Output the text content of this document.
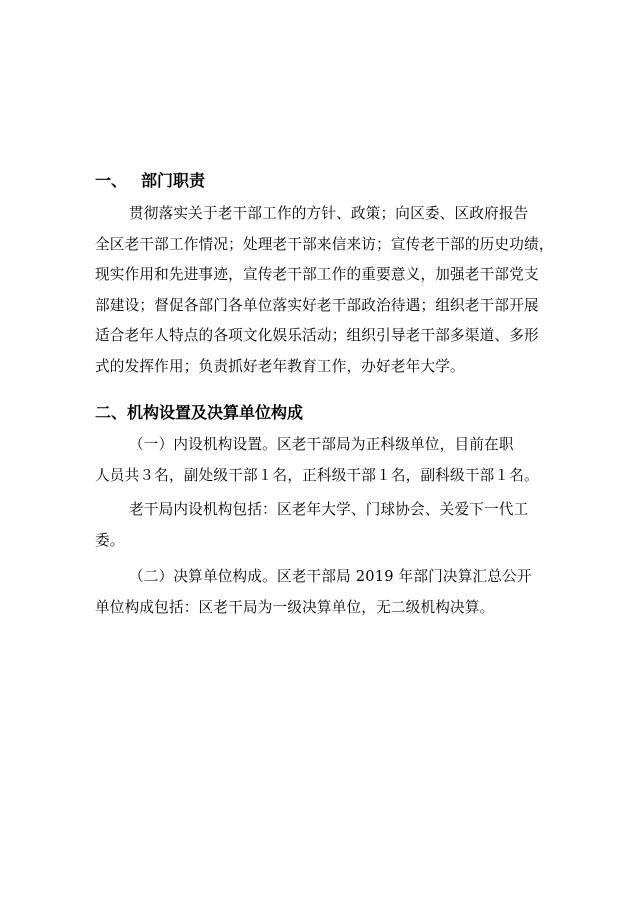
一、 部门职责
贯彻落实关于老干部工作的方针、政策；向区委、区政府报告
全区老干部工作情况；处理老干部来信来访；宣传老干部的历史功绩，
现实作用和先进事迹，宣传老干部工作的重要意义，加强老干部党支
部建设；督促各部门各单位落实好老干部政治待遇；组织老干部开展
适合老年人特点的各项文化娱乐活动；组织引导老干部多渠道、多形
式的发挥作用；负责抓好老年教育工作，办好老年大学。
二、机构设置及决算单位构成
（一）内设机构设置。区老干部局为正科级单位，目前在职
人员共３名，副处级干部１名，正科级干部１名，副科级干部１名。
老干局内设机构包括：区老年大学、门球协会、关爱下一代工
委。
（二）决算单位构成。区老干部局 2019 年部门决算汇总公开
单位构成包括：区老干局为一级决算单位，无二级机构决算。
